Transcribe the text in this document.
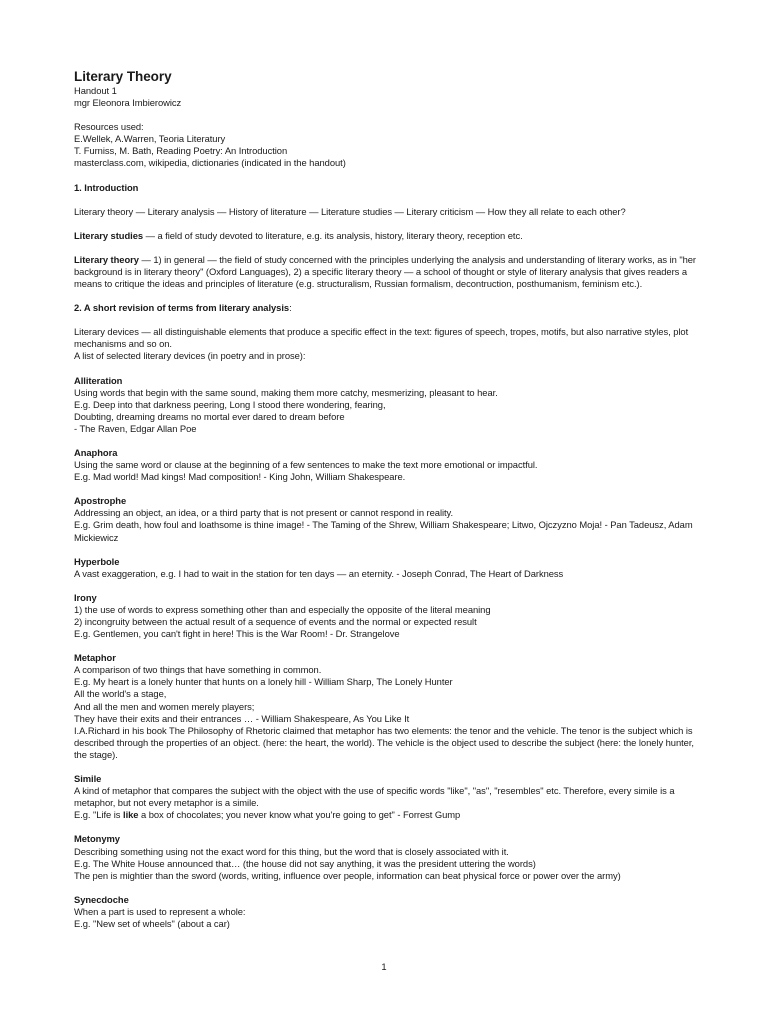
Literary Theory
Handout 1
mgr Eleonora Imbierowicz
Resources used:
E.Wellek, A.Warren, Teoria Literatury
T. Furniss, M. Bath, Reading Poetry: An Introduction
masterclass.com, wikipedia, dictionaries (indicated in the handout)
1. Introduction

Literary theory — Literary analysis — History of literature — Literature studies — Literary criticism — How they all relate to each other?

Literary studies — a field of study devoted to literature, e.g. its analysis, history, literary theory, reception etc.

Literary theory — 1) in general — the field of study concerned with the principles underlying the analysis and understanding of literary works, as in "her background is in literary theory" (Oxford Languages), 2) a specific literary theory — a school of thought or style of literary analysis that gives readers a means to critique the ideas and principles of literature (e.g. structuralism, Russian formalism, decontruction, posthumanism, feminism etc.).

2. A short revision of terms from literary analysis:

Literary devices — all distinguishable elements that produce a specific effect in the text: figures of speech, tropes, motifs, but also narrative styles, plot mechanisms and so on.

A list of selected literary devices (in poetry and in prose):

Alliteration
Using words that begin with the same sound, making them more catchy, mesmerizing, pleasant to hear.
E.g. Deep into that darkness peering, Long I stood there wondering, fearing,
Doubting, dreaming dreams no mortal ever dared to dream before
- The Raven, Edgar Allan Poe
Anaphora
Using the same word or clause at the beginning of a few sentences to make the text more emotional or impactful.
E.g. Mad world! Mad kings! Mad composition! - King John, William Shakespeare.
Apostrophe
Addressing an object, an idea, or a third party that is not present or cannot respond in reality.
E.g. Grim death, how foul and loathsome is thine image! - The Taming of the Shrew, William Shakespeare; Litwo, Ojczyzno Moja! - Pan Tadeusz, Adam Mickiewicz
Hyperbole
A vast exaggeration, e.g. I had to wait in the station for ten days — an eternity. - Joseph Conrad, The Heart of Darkness
Irony
1) the use of words to express something other than and especially the opposite of the literal meaning
2) incongruity between the actual result of a sequence of events and the normal or expected result
E.g. Gentlemen, you can't fight in here! This is the War Room! - Dr. Strangelove
Metaphor
A comparison of two things that have something in common.
E.g. My heart is a lonely hunter that hunts on a lonely hill - William Sharp, The Lonely Hunter
All the world's a stage,
And all the men and women merely players;
They have their exits and their entrances … - William Shakespeare, As You Like It
I.A.Richard in his book The Philosophy of Rhetoric claimed that metaphor has two elements: the tenor and the vehicle. The tenor is the subject which is described through the properties of an object. (here: the heart, the world). The vehicle is the object used to describe the subject (here: the lonely hunter, the stage).
Simile
A kind of metaphor that compares the subject with the object with the use of specific words "like", "as", "resembles" etc. Therefore, every simile is a metaphor, but not every metaphor is a simile.
E.g. "Life is like a box of chocolates; you never know what you're going to get" - Forrest Gump
Metonymy
Describing something using not the exact word for this thing, but the word that is closely associated with it.
E.g. The White House announced that… (the house did not say anything, it was the president uttering the words)
The pen is mightier than the sword (words, writing, influence over people, information can beat physical force or power over the army)
Synecdoche
When a part is used to represent a whole:
E.g. "New set of wheels" (about a car)
1
